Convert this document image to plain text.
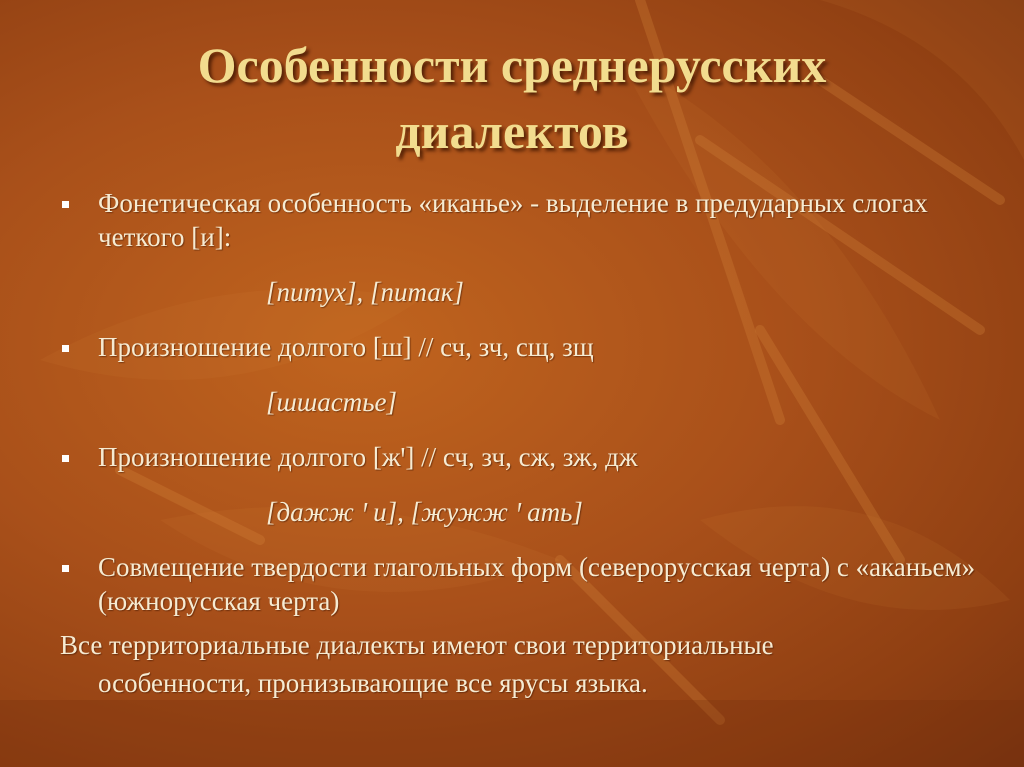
Особенности среднерусских
диалектов
Фонетическая особенность «иканье» - выделение в предударных слогах четкого [и]:
[питух], [питак]
Произношение долгого [ш] // сч, зч, сщ, зщ
[шшастье]
Произношение долгого [жꞌ] // сч, зч, сж, зж, дж
[дажж ꞌ и], [жужж ꞌ ать]
Совмещение твердости глагольных форм (северорусская черта) с «аканьем» (южнорусская черта)
Все территориальные диалекты имеют свои территориальные
особенности, пронизывающие все ярусы языка.
